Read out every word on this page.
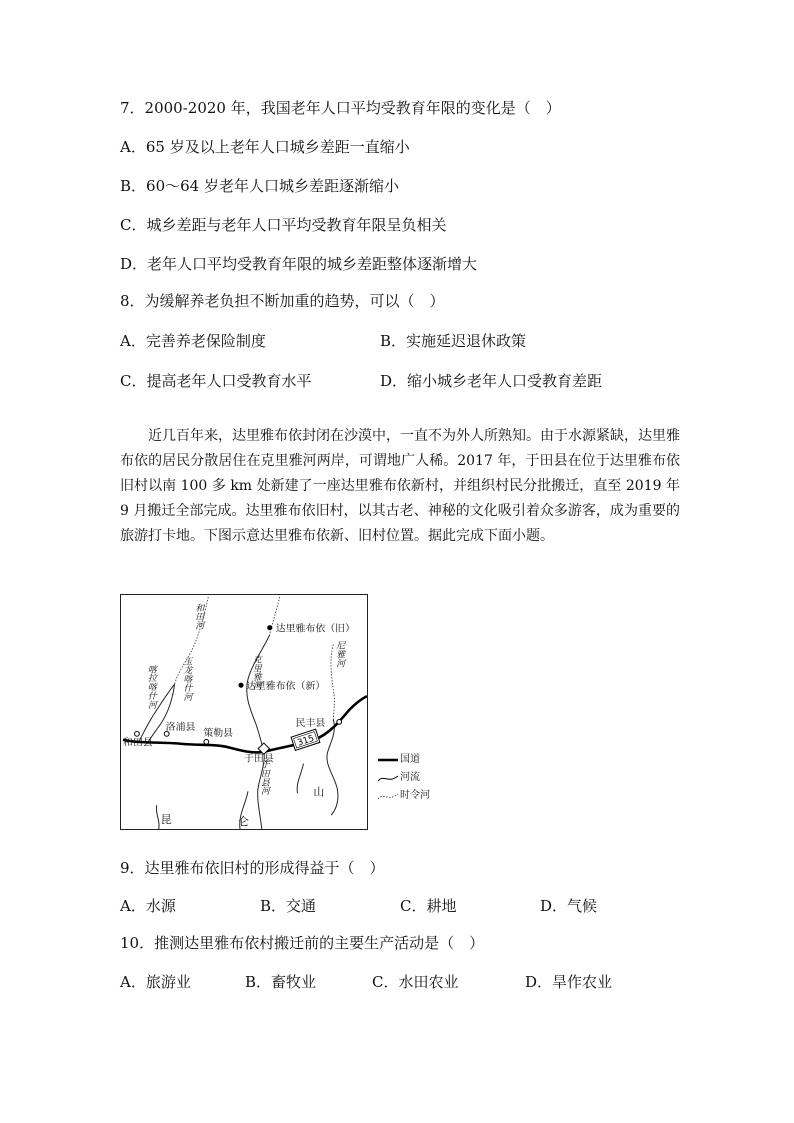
7．2000-2020 年，我国老年人口平均受教育年限的变化是（　）
A．65 岁及以上老年人口城乡差距一直缩小
B．60～64 岁老年人口城乡差距逐渐缩小
C．城乡差距与老年人口平均受教育年限呈负相关
D．老年人口平均受教育年限的城乡差距整体逐渐增大
8．为缓解养老负担不断加重的趋势，可以（　）
A．完善养老保险制度	B．实施延迟退休政策
C．提高老年人口受教育水平	D．缩小城乡老年人口受教育差距

近几百年来，达里雅布依封闭在沙漠中，一直不为外人所熟知。由于水源紧缺，达里雅布依的居民分散居住在克里雅河两岸，可谓地广人稀。2017 年，于田县在位于达里雅布依旧村以南 100 多 km 处新建了一座达里雅布依新村，并组织村民分批搬迁，直至 2019 年 9 月搬迁全部完成。达里雅布依旧村，以其古老、神秘的文化吸引着众多游客，成为重要的旅游打卡地。下图示意达里雅布依新、旧村位置。据此完成下面小题。

315
达里雅布依（旧）
达里雅布依（新）
洛浦县
策勒县
和田县
于田县
民丰县
昆	仑
山
和田河
玉龙喀什河
喀拉喀什河	克里雅河
尼雅河
于田县河
国道
河流
时令河
9．达里雅布依旧村的形成得益于（　）
A．水源	B．交通	C．耕地	D．气候
10．推测达里雅布依村搬迁前的主要生产活动是（　）
A．旅游业	B．畜牧业	C．水田农业	D．旱作农业
